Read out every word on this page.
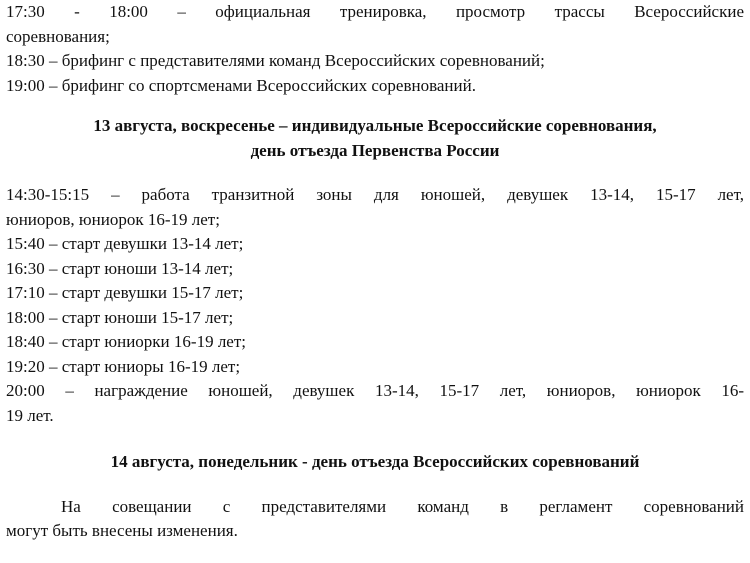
17:30 - 18:00 – официальная тренировка, просмотр трассы Всероссийские
соревнования;
18:30 – брифинг с представителями команд Всероссийских соревнований;
19:00 – брифинг со спортсменами Всероссийских соревнований.
13 августа, воскресенье – индивидуальные Всероссийские соревнования,
день отъезда Первенства России
14:30-15:15 – работа транзитной зоны для юношей, девушек 13-14, 15-17 лет,
юниоров, юниорок 16-19 лет;
15:40 – старт девушки 13-14 лет;
16:30 – старт юноши 13-14 лет;
17:10 – старт девушки 15-17 лет;
18:00 – старт юноши 15-17 лет;
18:40 – старт юниорки 16-19 лет;
19:20 – старт юниоры 16-19 лет;
20:00 – награждение юношей, девушек 13-14, 15-17 лет, юниоров, юниорок 16-
19 лет.
14 августа, понедельник - день отъезда Всероссийских соревнований
На совещании с представителями команд в регламент соревнований
могут быть внесены изменения.
